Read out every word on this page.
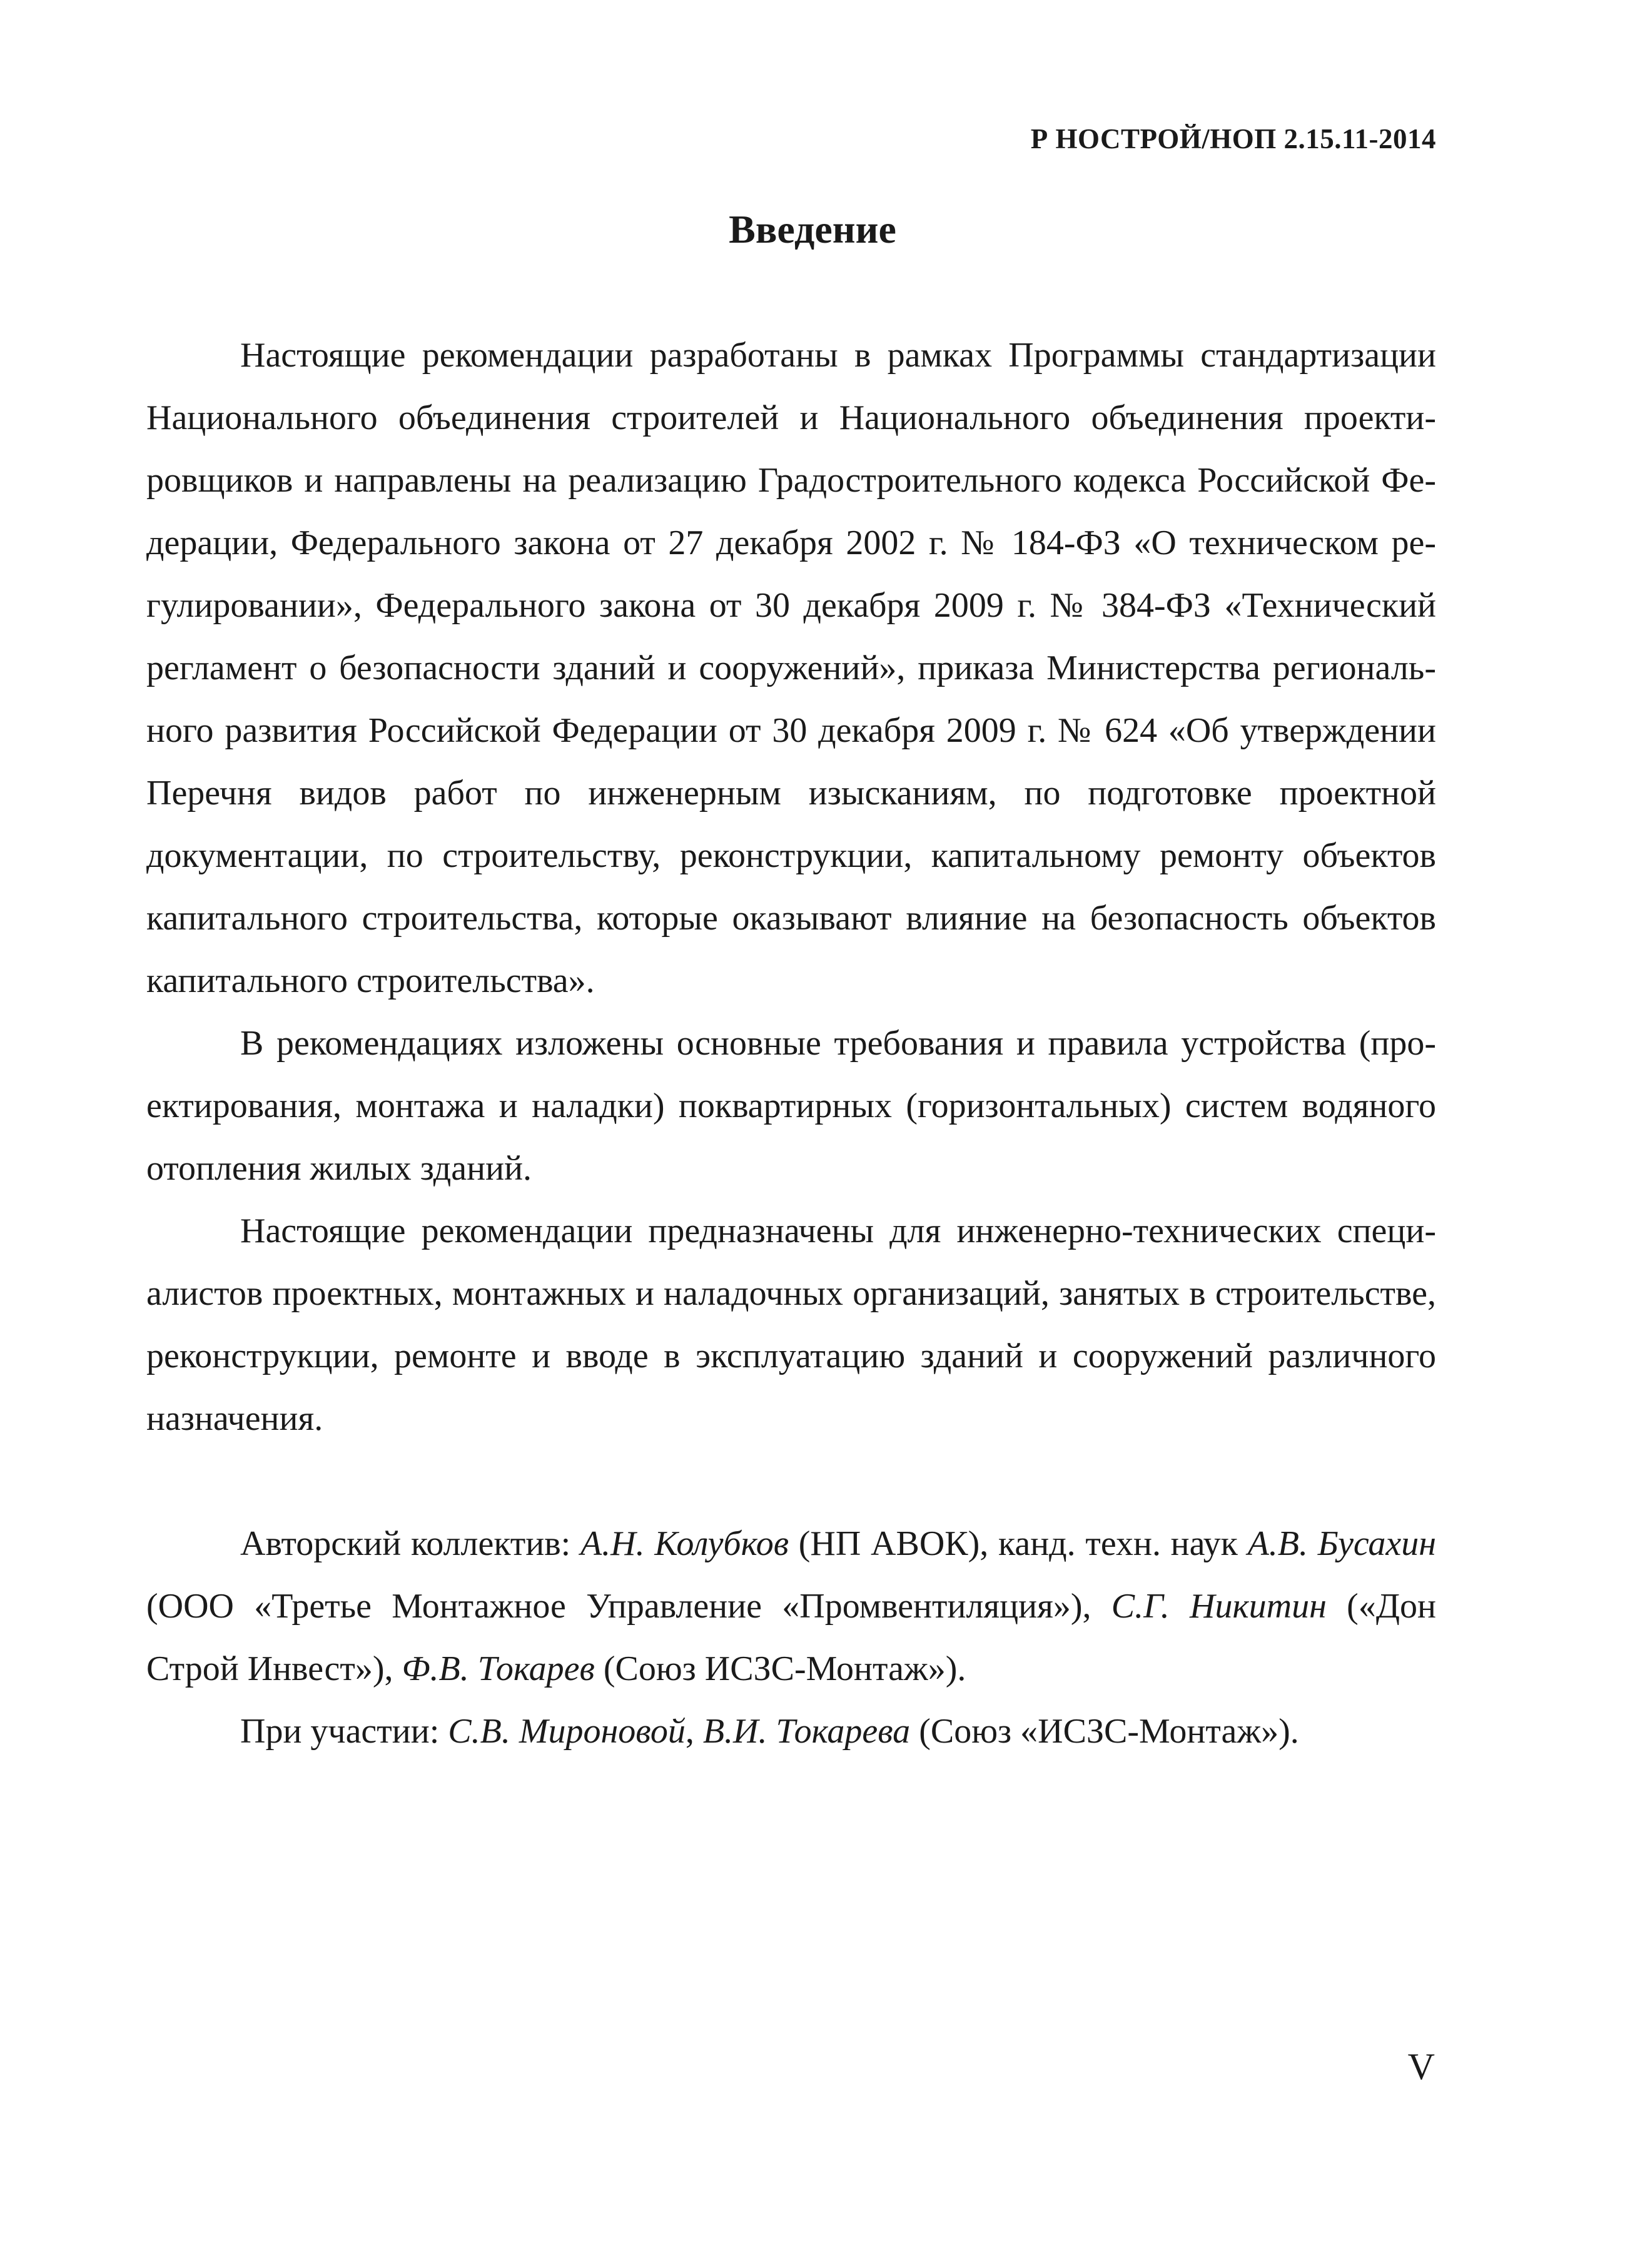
Р НОСТРОЙ/НОП 2.15.11-2014
Введение

Настоящие рекомендации разработаны в рамках Программы стандартизации Национального объединения строителей и Национального объединения проектировщиков и направлены на реализацию Градостроительного кодекса Российской Федерации, Федерального закона от 27 декабря 2002 г. № 184-ФЗ «О техническом регулировании», Федерального закона от 30 декабря 2009 г. № 384-ФЗ «Технический регламент о безопасности зданий и сооружений», приказа Министерства регионального развития Российской Федерации от 30 декабря 2009 г. № 624 «Об утверждении Перечня видов работ по инженерным изысканиям, по подготовке проектной документации, по строительству, реконструкции, капитальному ремонту объектов капитального строительства, которые оказывают влияние на безопасность объектов капитального строительства».

В рекомендациях изложены основные требования и правила устройства (проектирования, монтажа и наладки) поквартирных (горизонтальных) систем водяного отопления жилых зданий.

Настоящие рекомендации предназначены для инженерно-технических специалистов проектных, монтажных и наладочных организаций, занятых в строительстве, реконструкции, ремонте и вводе в эксплуатацию зданий и сооружений различного назначения.

Авторский коллектив: А.Н. Колубков (НП АВОК), канд. техн. наук А.В. Бусахин (ООО «Третье Монтажное Управление «Промвентиляция»), С.Г. Никитин («Дон Строй Инвест»), Ф.В. Токарев (Союз ИСЗС-Монтаж»).

При участии: С.В. Мироновой, В.И. Токарева (Союз «ИСЗС-Монтаж»).

V
